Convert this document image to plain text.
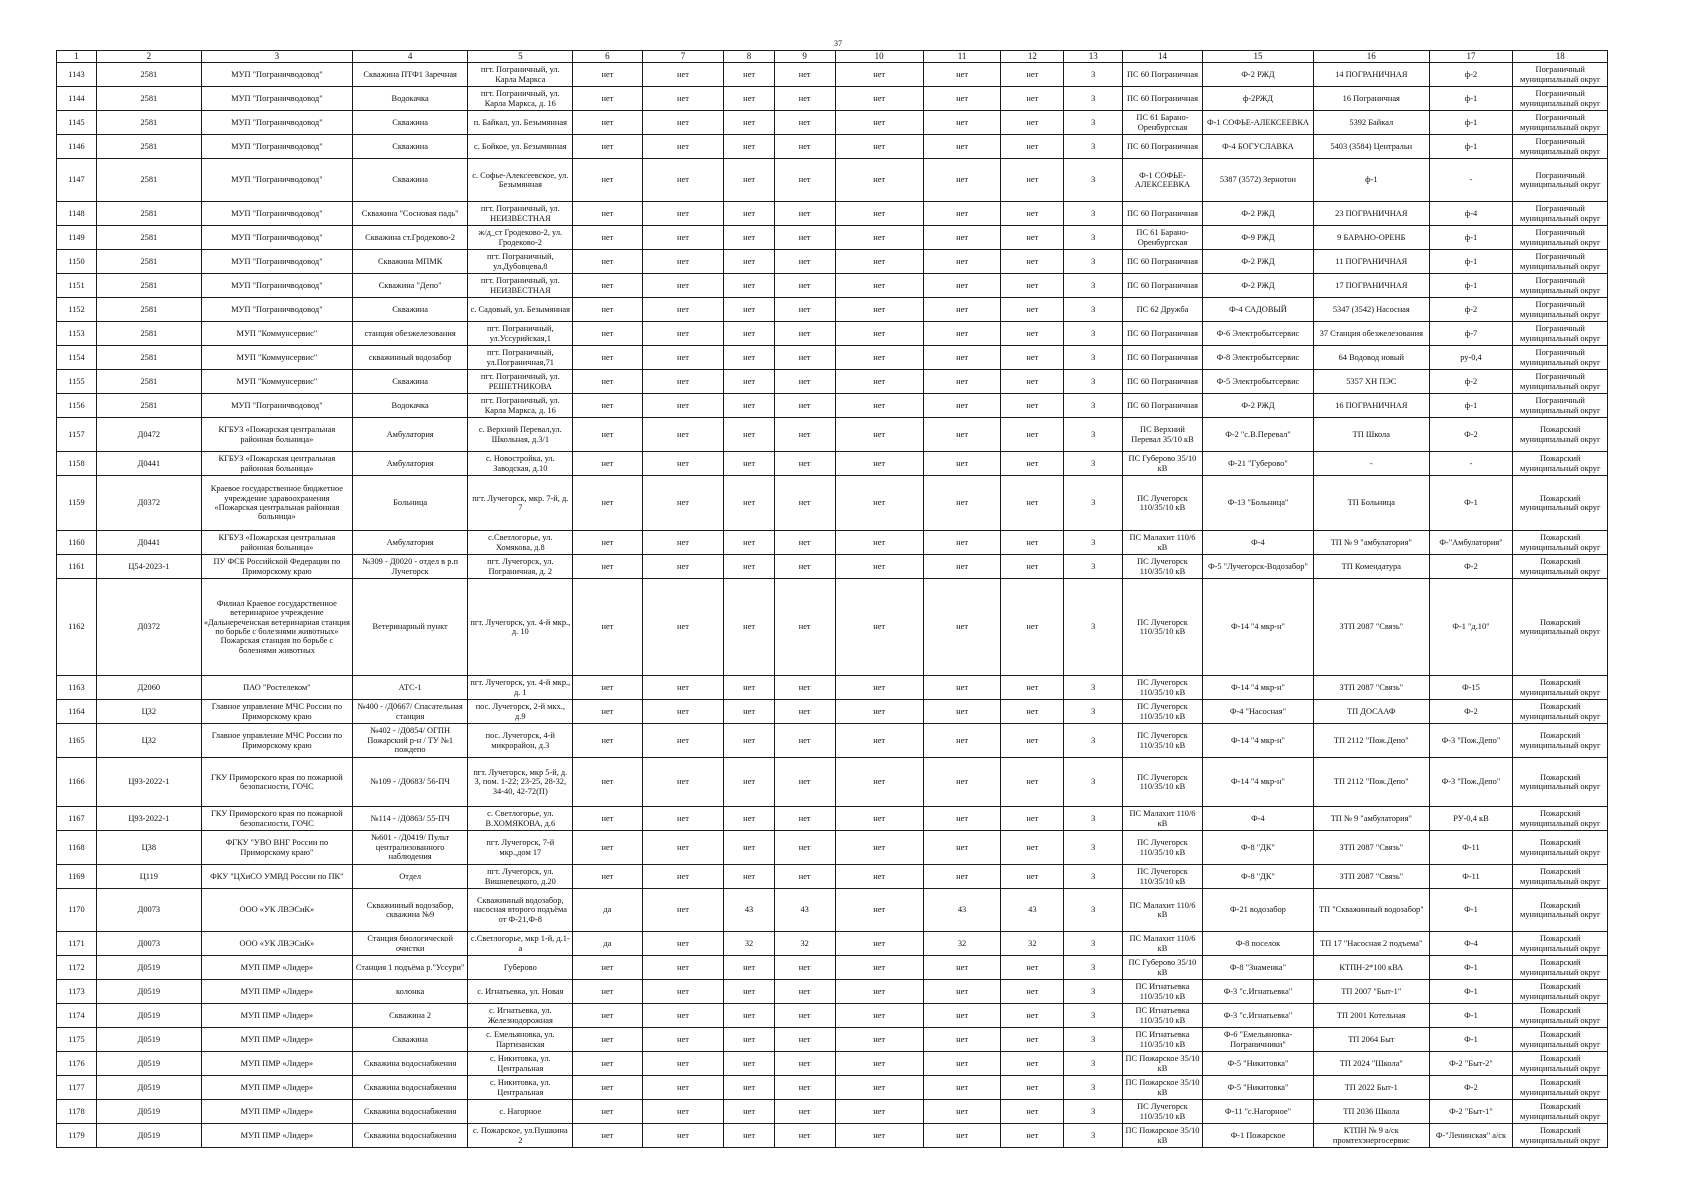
37
1	2	3	4	5	6	7	8	9	10	11	12	13	14	15	16	17	18
1143	2581	МУП "Пограничводовод"	Скважина ПТФ1 Заречная	пгт. Пограничный, ул. Карла Маркса	нет	нет	нет	нет	нет	нет	нет	3	ПС 60 Пограничная	Ф-2 РЖД	14 ПОГРАНИЧНАЯ	ф-2	Пограничный муниципальный округ
1144	2581	МУП "Пограничводовод"	Водокачка	пгт. Пограничный, ул. Карла Маркса, д. 16	нет	нет	нет	нет	нет	нет	нет	3	ПС 60 Пограничная	ф-2РЖД	16 Пограничная	ф-1	Пограничный муниципальный округ
1145	2581	МУП "Пограничводовод"	Скважина	п. Байкал, ул. Безымянная	нет	нет	нет	нет	нет	нет	нет	3	ПС 61 Барано-Оренбургская	Ф-1 СОФЬЕ-АЛЕКСЕЕВКА	5392 Байкал	ф-1	Пограничный муниципальный округ
1146	2581	МУП "Пограничводовод"	Скважина	с. Бойкое, ул. Безымянная	нет	нет	нет	нет	нет	нет	нет	3	ПС 60 Пограничная	Ф-4 БОГУСЛАВКА	5403 (3584) Центральн	ф-1	Пограничный муниципальный округ
1147	2581	МУП "Пограничводовод"	Скважина	с. Софье-Алексеевское, ул. Безымянная	нет	нет	нет	нет	нет	нет	нет	3	Ф-1 СОФЬЕ-АЛЕКСЕЕВКА	5387 (3572) Зернотон	ф-1	-	Пограничный муниципальный округ
1148	2581	МУП "Пограничводовод"	Скважина "Сосновая падь"	пгт. Пограничный, ул. НЕИЗВЕСТНАЯ	нет	нет	нет	нет	нет	нет	нет	3	ПС 60 Пограничная	Ф-2 РЖД	23 ПОГРАНИЧНАЯ	ф-4	Пограничный муниципальный округ
1149	2581	МУП "Пограничводовод"	Скважина ст.Гродеково-2	ж/д_ст Гродеково-2, ул. Гродеково-2	нет	нет	нет	нет	нет	нет	нет	3	ПС 61 Барано-Оренбургская	Ф-9 РЖД	9 БАРАНО-ОРЕНБ	ф-1	Пограничный муниципальный округ
1150	2581	МУП "Пограничводовод"	Скважина МПМК	пгт. Пограничный, ул.Дубовцева,8	нет	нет	нет	нет	нет	нет	нет	3	ПС 60 Пограничная	Ф-2 РЖД	11 ПОГРАНИЧНАЯ	ф-1	Пограничный муниципальный округ
1151	2581	МУП "Пограничводовод"	Скважина "Депо"	пгт. Пограничный, ул. НЕИЗВЕСТНАЯ	нет	нет	нет	нет	нет	нет	нет	3	ПС 60 Пограничная	Ф-2 РЖД	17 ПОГРАНИЧНАЯ	ф-1	Пограничный муниципальный округ
1152	2581	МУП "Пограничводовод"	Скважина	с. Садовый, ул. Безымянная	нет	нет	нет	нет	нет	нет	нет	3	ПС 62 Дружба	Ф-4 САДОВЫЙ	5347 (3542) Насосная	ф-2	Пограничный муниципальный округ
1153	2581	МУП "Коммунсервис"	станция обезжелезования	пгт. Пограничный, ул.Уссурийская,1	нет	нет	нет	нет	нет	нет	нет	3	ПС 60 Пограничная	Ф-6 Электробытсервис	37 Станция обезжелезования	ф-7	Пограничный муниципальный округ
1154	2581	МУП "Коммунсервис"	скважинный водозабор	пгт. Пограничный, ул.Пограничная,71	нет	нет	нет	нет	нет	нет	нет	3	ПС 60 Пограничная	Ф-8 Электробытсервис	64 Водовод новый	ру-0,4	Пограничный муниципальный округ
1155	2581	МУП "Коммунсервис"	Скважина	пгт. Пограничный, ул. РЕШЕТНИКОВА	нет	нет	нет	нет	нет	нет	нет	3	ПС 60 Пограничная	Ф-5 Электробытсервис	5357 ХН ПЭС	ф-2	Пограничный муниципальный округ
1156	2581	МУП "Пограничводовод"	Водокачка	пгт. Пограничный, ул. Карла Маркса, д. 16	нет	нет	нет	нет	нет	нет	нет	3	ПС 60 Пограничная	Ф-2 РЖД	16 ПОГРАНИЧНАЯ	ф-1	Пограничный муниципальный округ
1157	Д0472	КГБУЗ «Пожарская центральная районная больница»	Амбулатория	с. Верхний Перевал,ул. Школьная, д.3/1	нет	нет	нет	нет	нет	нет	нет	3	ПС Верхний Перевал 35/10 кВ	Ф-2 "с.В.Перевал"	ТП Школа	Ф-2	Пожарский муниципальный округ
1158	Д0441	КГБУЗ «Пожарская центральная районная больница»	Амбулатория	с. Новостройка, ул. Заводская, д.10	нет	нет	нет	нет	нет	нет	нет	3	ПС Губерово 35/10 кВ	Ф-21 "Губерово"	-	-	Пожарский муниципальный округ
1159	Д0372	Краевое государственное бюджетное учреждение здравоохранения «Пожарская центральная районная больница»	Больница	пгт. Лучегорск, мкр. 7-й, д. 7	нет	нет	нет	нет	нет	нет	нет	3	ПС Лучегорск 110/35/10 кВ	Ф-13 "Больница"	ТП Больница	Ф-1	Пожарский муниципальный округ
1160	Д0441	КГБУЗ «Пожарская центральная районная больница»	Амбулатория	с.Светлогорье, ул. Хомякова, д.8	нет	нет	нет	нет	нет	нет	нет	3	ПС Малахит 110/6 кВ	Ф-4	ТП № 9 "амбулатория"	Ф-"Амбулатория"	Пожарский муниципальный округ
1161	Ц54-2023-1	ПУ ФСБ Российской Федерации по Приморскому краю	№309 - Д0020 - отдел в р.п Лучегорск	пгт. Лучегорск, ул. Пограничная, д. 2	нет	нет	нет	нет	нет	нет	нет	3	ПС Лучегорск 110/35/10 кВ	Ф-5 "Лучегорск-Водозабор"	ТП Комендатура	Ф-2	Пожарский муниципальный округ
1162	Д0372	Филиал Краевое государственное ветеринарное учреждение «Дальнереченская ветеринарная станция по борьбе с болезнями животных» Пожарская станция по борьбе с болезнями животных	Ветеринарный пункт	пгт. Лучегорск, ул. 4-й мкр., д. 10	нет	нет	нет	нет	нет	нет	нет	3	ПС Лучегорск 110/35/10 кВ	Ф-14 "4 мкр-н"	ЗТП 2087 "Связь"	Ф-1 "д.10"	Пожарский муниципальный округ
1163	Д2060	ПАО "Ростелеком"	АТС-1	пгт. Лучегорск, ул. 4-й мкр., д. 1	нет	нет	нет	нет	нет	нет	нет	3	ПС Лучегорск 110/35/10 кВ	Ф-14 "4 мкр-н"	ЗТП 2087 "Связь"	Ф-15	Пожарский муниципальный округ
1164	Ц32	Главное управление МЧС России по Приморскому краю	№400 - /Д0667/ Спасательная станция	пос. Лучегорск, 2-й мкх., д.9	нет	нет	нет	нет	нет	нет	нет	3	ПС Лучегорск 110/35/10 кВ	Ф-4 "Насосная"	ТП ДОСААФ	Ф-2	Пожарский муниципальный округ
1165	Ц32	Главное управление МЧС России по Приморскому краю	№402 - /Д0854/ ОГПН Пожарский р-н / ТУ №1 пождепо	пос. Лучегорск, 4-й микрорайон, д.3	нет	нет	нет	нет	нет	нет	нет	3	ПС Лучегорск 110/35/10 кВ	Ф-14 "4 мкр-н"	ТП 2112 "Пож.Депо"	Ф-3 "Пож.Депо"	Пожарский муниципальный округ
1166	Ц93-2022-1	ГКУ Приморского края по пожарной безопасности, ГОЧС	№109 - /Д0683/ 56-ПЧ	пгт. Лучегорск, мкр 5-й, д. 3, пом. 1-22; 23-25, 28-32, 34-40, 42-72(П)	нет	нет	нет	нет	нет	нет	нет	3	ПС Лучегорск 110/35/10 кВ	Ф-14 "4 мкр-н"	ТП 2112 "Пож.Депо"	Ф-3 "Пож.Депо"	Пожарский муниципальный округ
1167	Ц93-2022-1	ГКУ Приморского края по пожарной безопасности, ГОЧС	№114 - /Д0863/ 55-ПЧ	с. Светлогорье, ул. В.ХОМЯКОВА, д.6	нет	нет	нет	нет	нет	нет	нет	3	ПС Малахит 110/6 кВ	Ф-4	ТП № 9 "амбулатория"	РУ-0,4 кВ	Пожарский муниципальный округ
1168	Ц38	ФГКУ "УВО ВНГ России по Приморскому краю"	№601 - /Д0419/ Пульт централизованного наблюдения	пгт. Лучегорск, 7-й мкр.,дом 17	нет	нет	нет	нет	нет	нет	нет	3	ПС Лучегорск 110/35/10 кВ	Ф-8 "ДК"	ЗТП 2087 "Связь"	Ф-11	Пожарский муниципальный округ
1169	Ц119	ФКУ "ЦХиСО УМВД России по ПК"	Отдел	пгт. Лучегорск, ул. Вишневецкого, д.20	нет	нет	нет	нет	нет	нет	нет	3	ПС Лучегорск 110/35/10 кВ	Ф-8 "ДК"	ЗТП 2087 "Связь"	Ф-11	Пожарский муниципальный округ
1170	Д0073	ООО «УК ЛВЭСиК»	Скважинный водозабор, скважина №9	Скважинный водозабор, насосная второго подъёма от Ф-21,Ф-8	да	нет	43	43	нет	43	43	3	ПС Малахит 110/6 кВ	Ф-21 водозабор	ТП "Скважинный водозабор"	Ф-1	Пожарский муниципальный округ
1171	Д0073	ООО «УК ЛВЭСиК»	Станция биологической очистки	с.Светлогорье, мкр 1-й, д.1-а	да	нет	32	32	нет	32	32	3	ПС Малахит 110/6 кВ	Ф-8 поселок	ТП 17 "Насосная 2 подъема"	Ф-4	Пожарский муниципальный округ
1172	Д0519	МУП ПМР «Лидер»	Станция 1 подъёма р."Уссури"	Губерово	нет	нет	нет	нет	нет	нет	нет	3	ПС Губерово 35/10 кВ	Ф-8 "Знаменка"	КТПН-2*100 кВА	Ф-1	Пожарский муниципальный округ
1173	Д0519	МУП ПМР «Лидер»	колонка	с. Игнатьевка, ул. Новая	нет	нет	нет	нет	нет	нет	нет	3	ПС Игнатьевка 110/35/10 кВ	Ф-3 "с.Игнатьевка"	ТП 2007 "Быт-1"	Ф-1	Пожарский муниципальный округ
1174	Д0519	МУП ПМР «Лидер»	Скважина 2	с. Игнатьевка, ул. Железнодорожная	нет	нет	нет	нет	нет	нет	нет	3	ПС Игнатьевка 110/35/10 кВ	Ф-3 "с.Игнатьевка"	ТП 2001 Котельная	Ф-1	Пожарский муниципальный округ
1175	Д0519	МУП ПМР «Лидер»	Скважина	с. Емельяновка, ул. Партизанская	нет	нет	нет	нет	нет	нет	нет	3	ПС Игнатьевка 110/35/10 кВ	Ф-6 "Емельяновка-Пограничники"	ТП 2064 Быт	Ф-1	Пожарский муниципальный округ
1176	Д0519	МУП ПМР «Лидер»	Скважина водоснабжения	с. Никитовка, ул. Центральная	нет	нет	нет	нет	нет	нет	нет	3	ПС Пожарское 35/10 кВ	Ф-5 "Никитовка"	ТП 2024 "Школа"	Ф-2 "Быт-2"	Пожарский муниципальный округ
1177	Д0519	МУП ПМР «Лидер»	Скважина водоснабжения	с. Никитовка, ул. Центральная	нет	нет	нет	нет	нет	нет	нет	3	ПС Пожарское 35/10 кВ	Ф-5 "Никитовка"	ТП 2022 Быт-1	Ф-2	Пожарский муниципальный округ
1178	Д0519	МУП ПМР «Лидер»	Скважина водоснабжения	с. Нагорное	нет	нет	нет	нет	нет	нет	нет	3	ПС Лучегорск 110/35/10 кВ	Ф-11 "с.Нагорное"	ТП 2036 Школа	Ф-2 "Быт-1"	Пожарский муниципальный округ
1179	Д0519	МУП ПМР «Лидер»	Скважина водоснабжения	с. Пожарское, ул.Пушкина 2	нет	нет	нет	нет	нет	нет	нет	3	ПС Пожарское 35/10 кВ	Ф-1 Пожарское	КТПН № 9 а/ск промтехэнергосервис	Ф-"Ленинская" а/ск	Пожарский муниципальный округ
